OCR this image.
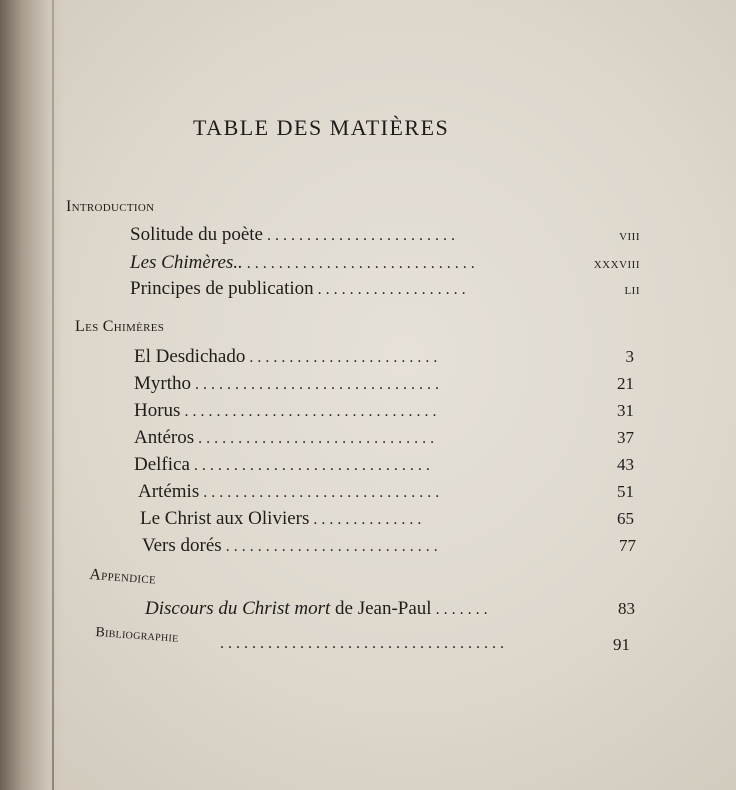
TABLE DES MATIÈRES
Introduction
Solitude du poète ........................	viii
Les Chimères.. .............................	xxxviii
Principes de publication ...................	lii
Les Chimères
El Desdichado ........................	3
Myrtho ...............................	21
Horus ................................	31
Antéros ..............................	37
Delfica ..............................	43
Artémis ..............................	51
Le Christ aux Oliviers ..............	65
Vers dorés ...........................	77
Appendice
Discours du Christ mort de Jean-Paul .......	83
Bibliographie	....................................	91
